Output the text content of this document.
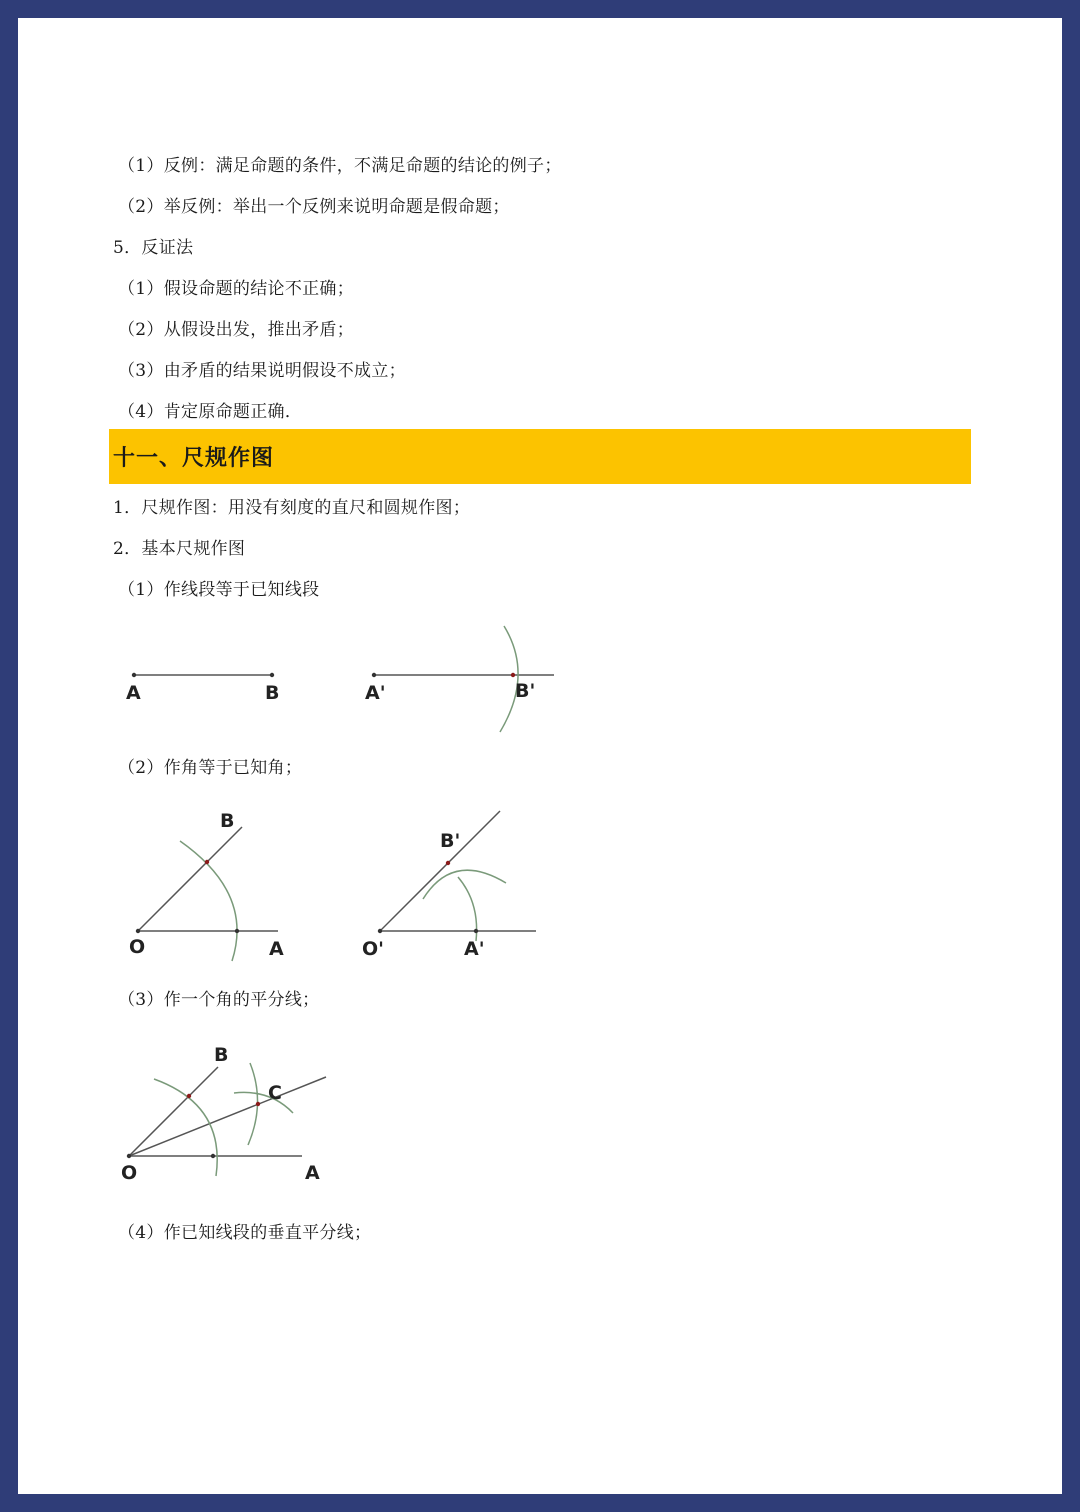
（1）反例：满足命题的条件，不满足命题的结论的例子；
（2）举反例：举出一个反例来说明命题是假命题；
5．反证法
（1）假设命题的结论不正确；
（2）从假设出发，推出矛盾；
（3）由矛盾的结果说明假设不成立；
（4）肯定原命题正确．
十一、尺规作图
1．尺规作图：用没有刻度的直尺和圆规作图；
2．基本尺规作图
（1）作线段等于已知线段
A	B	A'	B'
（2）作角等于已知角；
O	A
B
O'	A'
B'
（3）作一个角的平分线；
O	A
B
C
（4）作已知线段的垂直平分线；
